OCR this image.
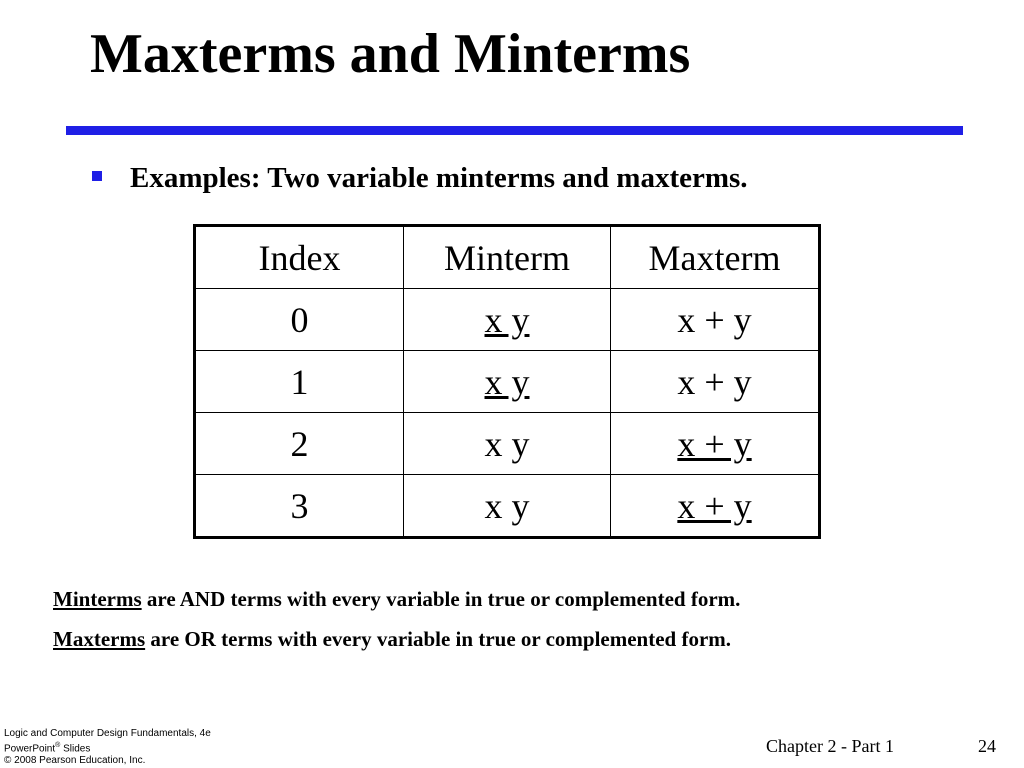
Maxterms and Minterms
Examples: Two variable minterms and maxterms.
Index	Minterm	Maxterm
0	x y	x + y
1	x y	x + y
2	x y	x + y
3	x y	x + y
Minterms are AND terms with every variable in true or complemented form.
Maxterms are OR terms with every variable in true or complemented form.
Logic and Computer Design Fundamentals, 4e
PowerPoint® Slides
© 2008 Pearson Education, Inc.
Chapter 2 - Part 1	24
